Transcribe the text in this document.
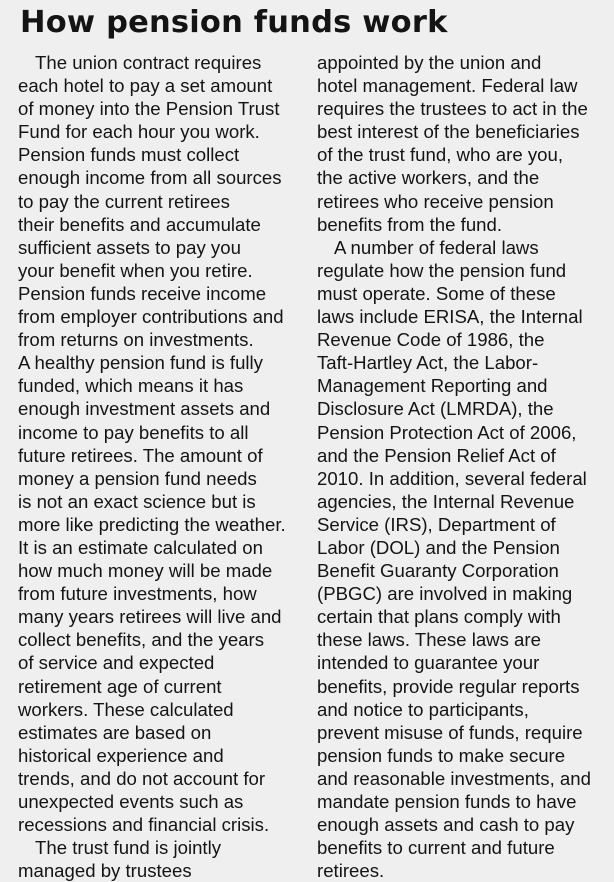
How pension funds work
The union contract requires
each hotel to pay a set amount
of money into the Pension Trust
Fund for each hour you work.
Pension funds must collect
enough income from all sources
to pay the current retirees
their benefits and accumulate
sufficient assets to pay you
your benefit when you retire.
Pension funds receive income
from employer contributions and
from returns on investments.
A healthy pension fund is fully
funded, which means it has
enough investment assets and
income to pay benefits to all
future retirees. The amount of
money a pension fund needs
is not an exact science but is
more like predicting the weather.
It is an estimate calculated on
how much money will be made
from future investments, how
many years retirees will live and
collect benefits, and the years
of service and expected
retirement age of current
workers. These calculated
estimates are based on
historical experience and
trends, and do not account for
unexpected events such as
recessions and financial crisis.
The trust fund is jointly
managed by trustees
appointed by the union and
hotel management. Federal law
requires the trustees to act in the
best interest of the beneficiaries
of the trust fund, who are you,
the active workers, and the
retirees who receive pension
benefits from the fund.
A number of federal laws
regulate how the pension fund
must operate. Some of these
laws include ERISA, the Internal
Revenue Code of 1986, the
Taft-Hartley Act, the Labor-
Management Reporting and
Disclosure Act (LMRDA), the
Pension Protection Act of 2006,
and the Pension Relief Act of
2010. In addition, several federal
agencies, the Internal Revenue
Service (IRS), Department of
Labor (DOL) and the Pension
Benefit Guaranty Corporation
(PBGC) are involved in making
certain that plans comply with
these laws. These laws are
intended to guarantee your
benefits, provide regular reports
and notice to participants,
prevent misuse of funds, require
pension funds to make secure
and reasonable investments, and
mandate pension funds to have
enough assets and cash to pay
benefits to current and future
retirees.
